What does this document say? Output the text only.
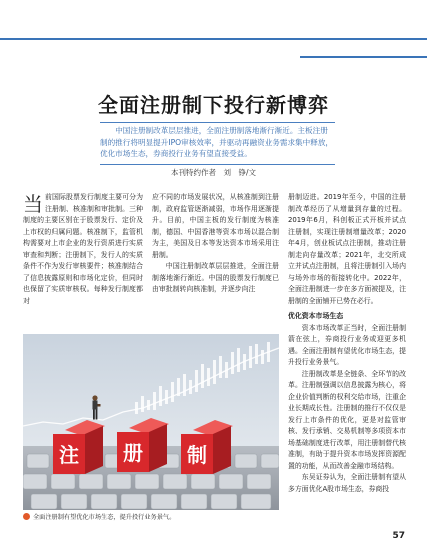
全面注册制下投行新博弈

中国注册制改革层层推进，全面注册制落地渐行渐近。主板注册制的推行将明显提升IPO审核效率，并驱动再融资业务需求集中释放，优化市场生态，券商投行业务有望直接受益。

本刊特约作者　刘　铮/文

当前国际股票发行制度主要可分为注册制、核准制和审批制。三种制度的主要区别在于股票发行、定价及上市权的归属问题。核准制下，监管机构需要对上市企业的发行资质进行实质审查和判断；注册制下，发行人的实质条件不作为发行审核要件；核准制结合了信息披露原则和市场化定价，但同时也保留了实质审核权。每种发行制度都对

应不同的市场发展状况，从核准制到注册制，政府监管逐渐减弱，市场作用逐渐提升。目前，中国主板的发行制度为核准制，德国、中国香港等资本市场以混合制为主，美国及日本等发达资本市场采用注册制。

中国注册制改革层层推进，全面注册制落地渐行渐近。中国的股票发行制度已由审批制转向核准制，并逐步向注

册制迈进。2019年至今，中国的注册制改革经历了从增量到存量的过程。2019年6月，科创板正式开板并试点注册制，实现注册制增量改革；2020年4月，创业板试点注册制，推动注册制走向存量改革；2021年，北交所成立并试点注册制，且将注册制引入场内与场外市场的衔接转化中。2022年，全面注册制进一步在多方面被提及，注册制的全面铺开已势在必行。

优化资本市场生态

资本市场改革正当时，全面注册制箭在弦上，券商投行业务或迎更多机遇。全面注册制有望优化市场生态，提升投行业务景气。

注册制改革是全链条、全环节的改革。注册制强调以信息披露为核心，将企业价值判断的权利交给市场，注重企业长期成长性。注册制的推行不仅仅是发行上市条件的优化，更是对监管审核、发行承销、交易机制等多项资本市场基础制度进行改革，用注册制替代核准制，有助于提升资本市场发挥资源配置的功能，从而改善金融市场结构。

东吴证券认为，全面注册制有望从多方面优化A股市场生态，券商投

注 册 制
全面注册制有望优化市场生态，提升投行业务景气。
57
